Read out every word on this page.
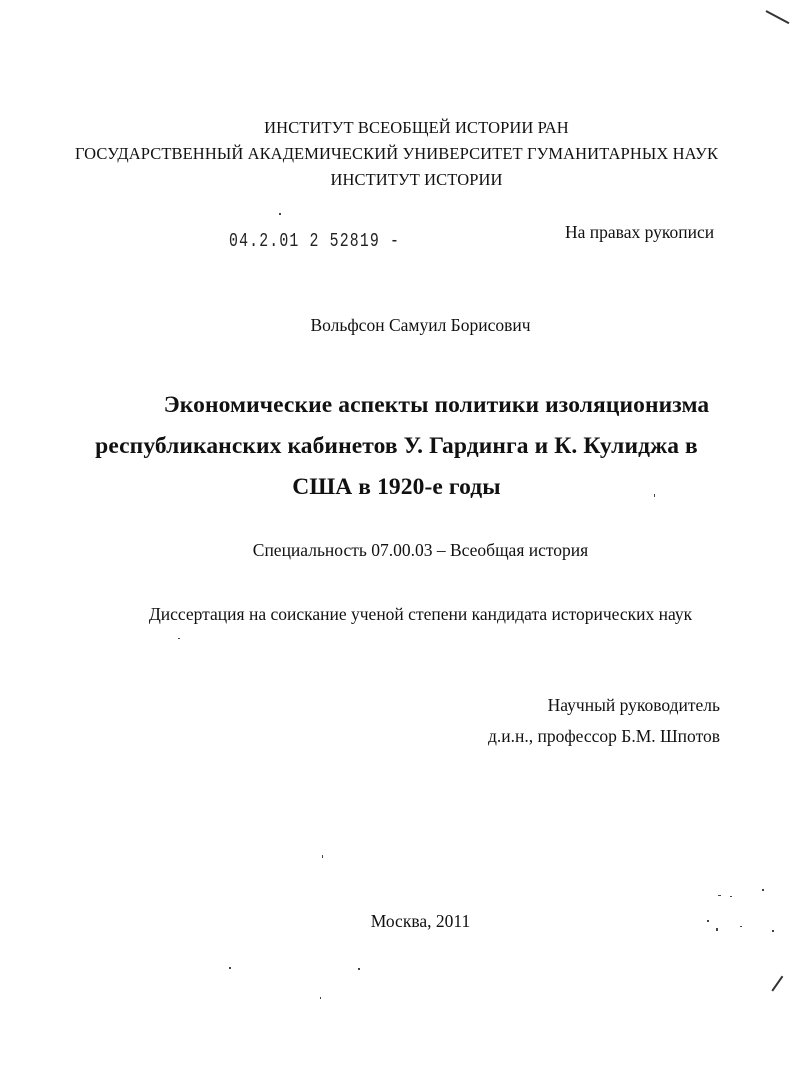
ИНСТИТУТ ВСЕОБЩЕЙ ИСТОРИИ РАН
ГОСУДАРСТВЕННЫЙ АКАДЕМИЧЕСКИЙ УНИВЕРСИТЕТ ГУМАНИТАРНЫХ НАУК
ИНСТИТУТ ИСТОРИИ
04.2.01 2 52819 -	На правах рукописи
Вольфсон Самуил Борисович
Экономические аспекты политики изоляционизма
республиканских кабинетов У. Гардинга и К. Кулиджа в
США в 1920-е годы
Специальность 07.00.03 – Всеобщая история
Диссертация на соискание ученой степени кандидата исторических наук
Научный руководитель
д.и.н., профессор Б.М. Шпотов
Москва, 2011
